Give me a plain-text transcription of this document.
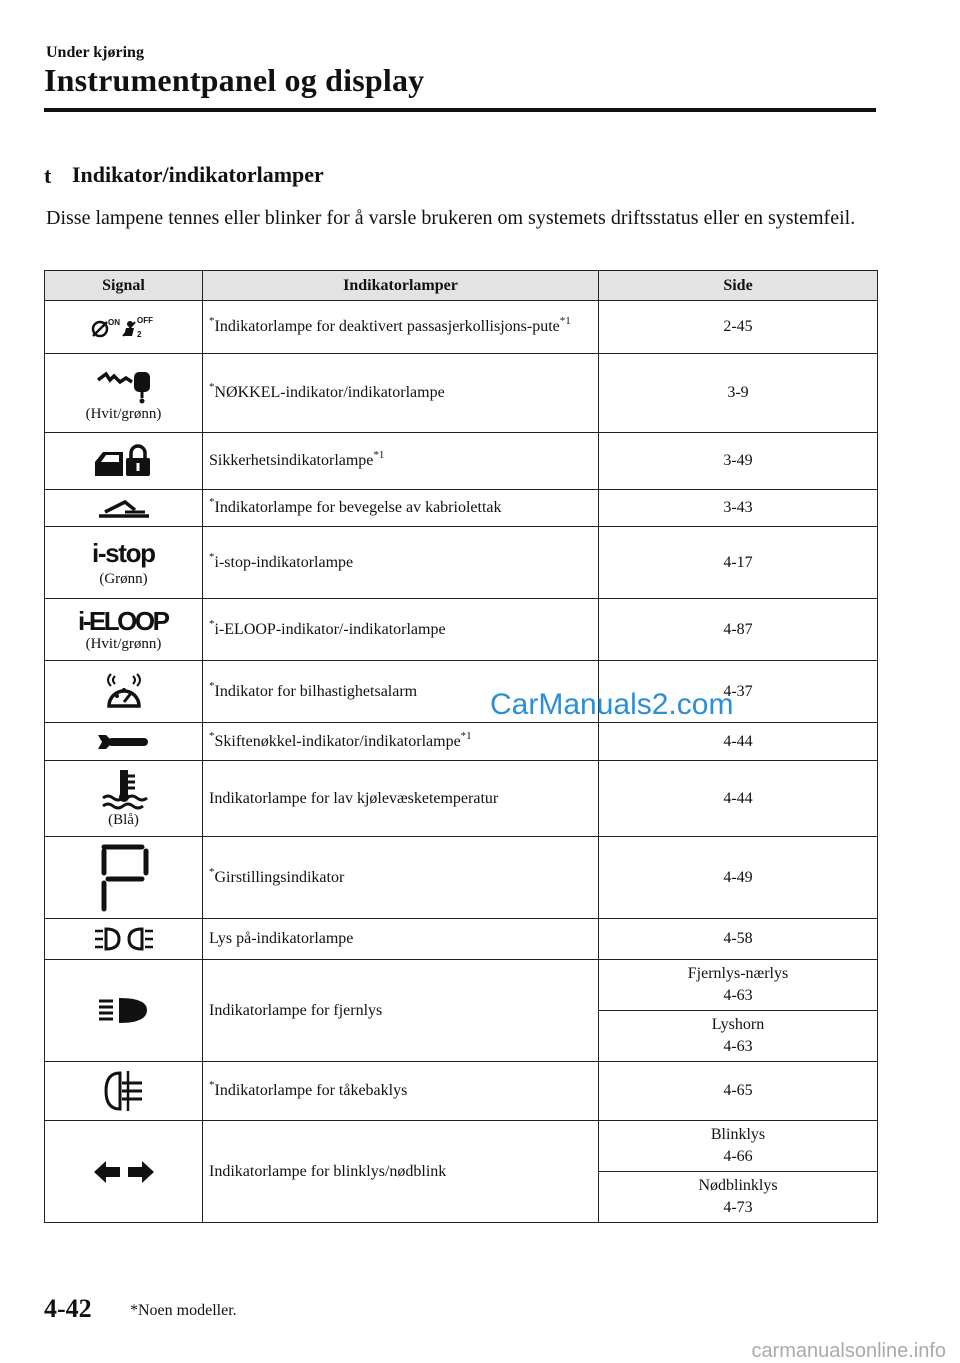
Under kjøring
Instrumentpanel og display
t Indikator/indikatorlamper
Disse lampene tennes eller blinker for å varsle brukeren om systemets driftsstatus eller en systemfeil.
Signal	Indikatorlamper	Side

ON OFF
2	*Indikatorlampe for deaktivert passasjerkollisjons-pute$^{*1}$	2-45

(Hvit/grønn)	*NØKKEL-indikator/indikatorlampe	3-9

	Sikkerhetsindikatorlampe$^{*1}$	3-49

	*Indikatorlampe for bevegelse av kabriolettak	3-43

i-stop
(Grønn)	*i-stop-indikatorlampe	4-17

i-ELOOP
(Hvit/grønn)	*i-ELOOP-indikator/-indikatorlampe	4-87

	*Indikator for bilhastighetsalarm	4-37

	*Skiftenøkkel-indikator/indikatorlampe$^{*1}$	4-44

(Blå)	Indikatorlampe for lav kjølevæsketemperatur	4-44

	*Girstillingsindikator	4-49

	Lys på-indikatorlampe	4-58

	Indikatorlampe for fjernlys	Fjernlys-nærlys
4-63
		Lyshorn
4-63

	*Indikatorlampe for tåkebaklys	4-65

	Indikatorlampe for blinklys/nødblink	Blinklys
4-66
		Nødblinklys
4-73
CarManuals2.com
4-42 *Noen modeller.
carmanualsonline.info
